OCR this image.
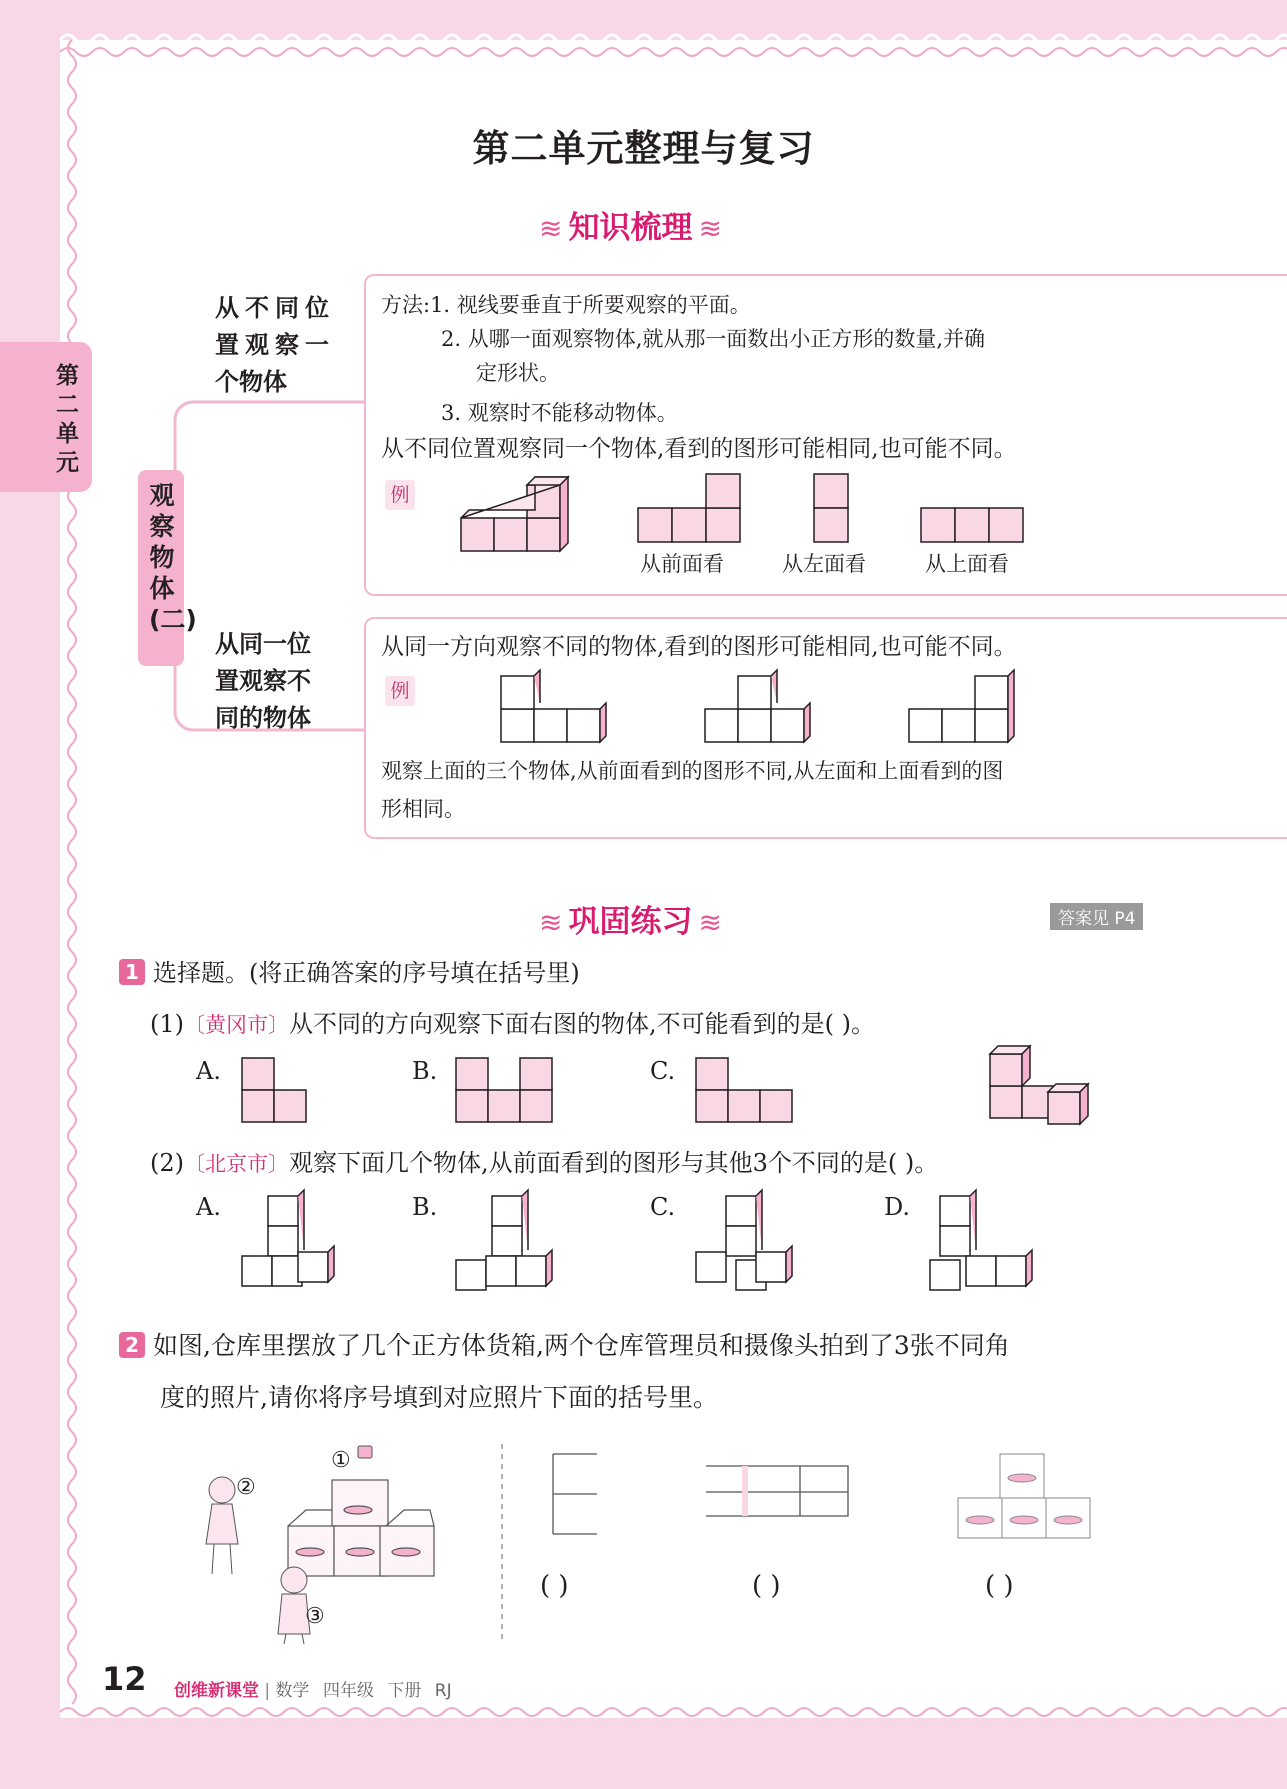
第二单元
第二单元整理与复习
≋ 知识梳理 ≋
观察物体(二)
从不同位
置观察一
个物体
从同一位
置观察不
同的物体
方法:1. 视线要垂直于所要观察的平面。
2. 从哪一面观察物体,就从那一面数出小正方形的数量,并确
定形状。
3. 观察时不能移动物体。
从不同位置观察同一个物体,看到的图形可能相同,也可能不同。
例
从前面看	从左面看	从上面看
从同一方向观察不同的物体,看到的图形可能相同,也可能不同。
例
观察上面的三个物体,从前面看到的图形不同,从左面和上面看到的图
形相同。
≋ 巩固练习 ≋	答案见 P4
1 选择题。(将正确答案的序号填在括号里)
(1)〔黄冈市〕从不同的方向观察下面右图的物体,不可能看到的是( )。
A.	B.	C.
(2)〔北京市〕观察下面几个物体,从前面看到的图形与其他3个不同的是( )。
A.	B.	C.	D.
2 如图,仓库里摆放了几个正方体货箱,两个仓库管理员和摄像头拍到了3张不同角
度的照片,请你将序号填到对应照片下面的括号里。
①
②
③
( )	( )	( )
12 创维新课堂 | 数学 四年级 下册 RJ
